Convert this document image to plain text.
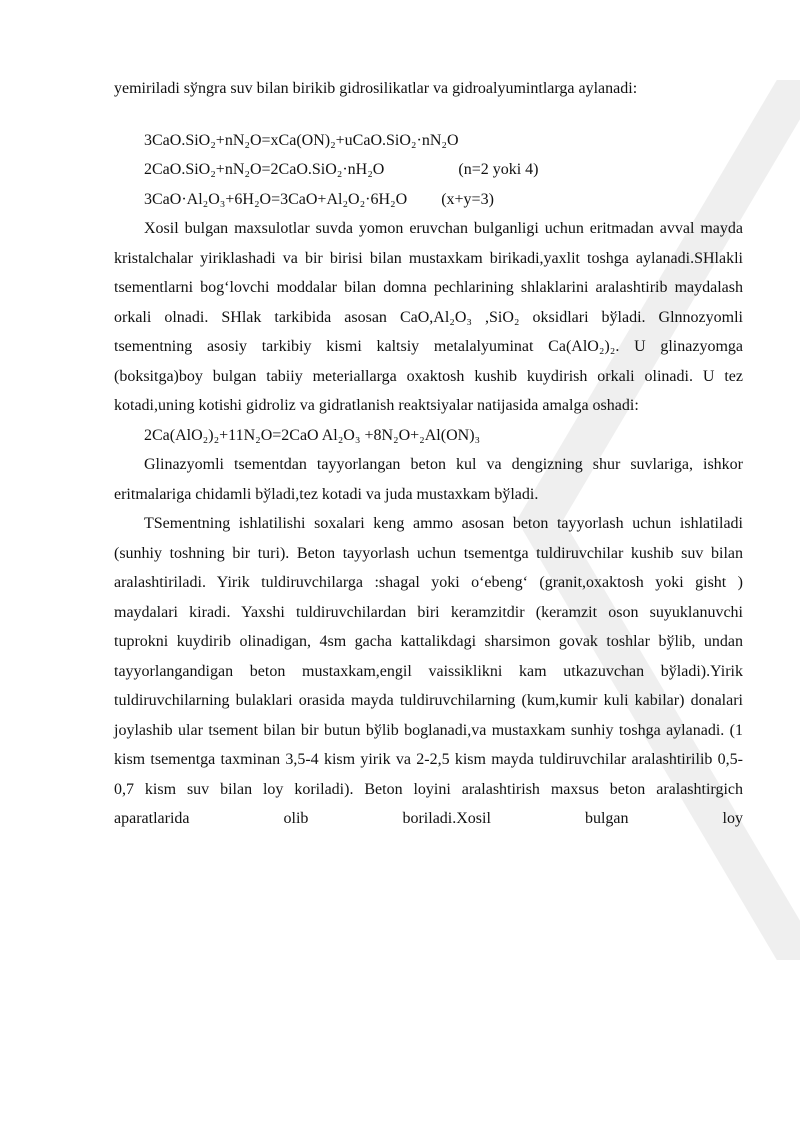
yemiriladi sўngra suv bilan birikib gidrosilikatlar va gidroalyumintlarga aylanadi:

3CaO.SiO₂+nN₂O=xCa(ON)₂+uCaO.SiO₂·nN₂O

2CaO.SiO₂+nN₂O=2CaO.SiO₂·nH₂O	(n=2 yoki 4)

3CaO·Al₂O₃+6H₂O=3CaO+Al₂O₂·6H₂O (x+y=3)

Xosil bulgan maxsulotlar suvda yomon eruvchan bulganligi uchun eritmadan avval mayda kristalchalar yiriklashadi va bir birisi bilan mustaxkam birikadi,yaxlit toshga aylanadi.SHlakli tsementlarni bog‘lovchi moddalar bilan domna pechlarining shlaklarini aralashtirib maydalash orkali olnadi. SHlak tarkibida asosan CaO,Al₂O₃ ,SiO₂ oksidlari bўladi. Glnnozyomli tsementning asosiy tarkibiy kismi kaltsiy metalalyuminat Ca(AlO₂)₂. U glinazyomga (boksitga)boy bulgan tabiiy meteriallarga oxaktosh kushib kuydirish orkali olinadi. U tez kotadi,uning kotishi gidroliz va gidratlanish reaktsiyalar natijasida amalga oshadi:

2Ca(AlO₂)₂+11N₂O=2CaO Al₂O₃ +8N₂O+₂Al(ON)₃

Glinazyomli tsementdan tayyorlangan beton kul va dengizning shur suvlariga, ishkor eritmalariga chidamli bўladi,tez kotadi va juda mustaxkam bўladi.

TSementning ishlatilishi soxalari keng ammo asosan beton tayyorlash uchun ishlatiladi (sunhiy toshning bir turi). Beton tayyorlash uchun tsementga tuldiruvchilar kushib suv bilan aralashtiriladi. Yirik tuldiruvchilarga :shagal yoki o‘ebeng‘ (granit,oxaktosh yoki gisht ) maydalari kiradi. Yaxshi tuldiruvchilardan biri keramzitdir (keramzit oson suyuklanuvchi tuprokni kuydirib olinadigan, 4sm gacha kattalikdagi sharsimon govak toshlar bўlib, undan tayyorlangandigan beton mustaxkam,engil vaissiklikni kam utkazuvchan bўladi).Yirik tuldiruvchilarning bulaklari orasida mayda tuldiruvchilarning (kum,kumir kuli kabilar) donalari joylashib ular tsement bilan bir butun bўlib boglanadi,va mustaxkam sunhiy toshga aylanadi. (1 kism tsementga taxminan 3,5-4 kism yirik va 2-2,5 kism mayda tuldiruvchilar aralashtirilib 0,5-0,7 kism suv bilan loy koriladi). Beton loyini aralashtirish maxsus beton aralashtirgich aparatlarida olib boriladi.Xosil bulgan loy
